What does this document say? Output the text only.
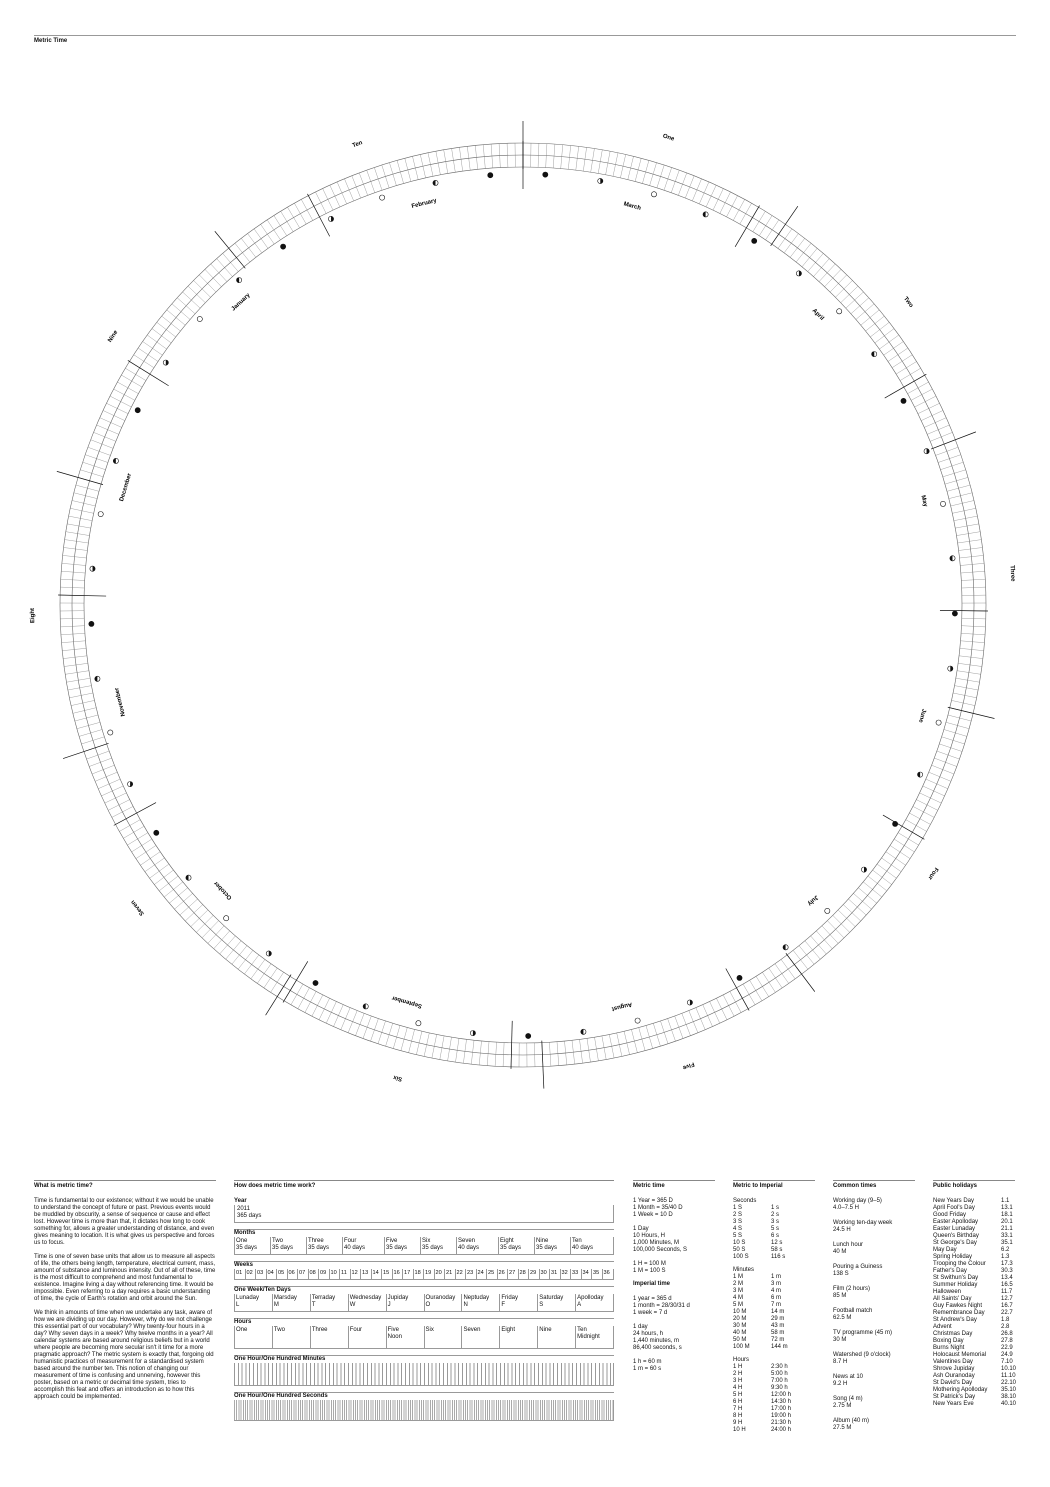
Metric Time
One
Two
Three
Four
Five
Six
Seven
Eight
Nine
Ten
March
April
May
June
July
August
September
October
November
December
January
February
What is metric time?

Time is fundamental to our existence; without it we would be unable to understand the concept of future or past. Previous events would be muddled by obscurity, a sense of sequence or cause and effect lost. However time is more than that, it dictates how long to cook something for, allows a greater understanding of distance, and even gives meaning to location. It is what gives us perspective and forces us to focus.

Time is one of seven base units that allow us to measure all aspects of life, the others being length, temperature, electrical current, mass, amount of substance and luminous intensity. Out of all of these, time is the most difficult to comprehend and most fundamental to existence. Imagine living a day without referencing time. It would be impossible. Even referring to a day requires a basic understanding of time, the cycle of Earth's rotation and orbit around the Sun.

We think in amounts of time when we undertake any task, aware of how we are dividing up our day. However, why do we not challenge this essential part of our vocabulary? Why twenty-four hours in a day? Why seven days in a week? Why twelve months in a year? All calendar systems are based around religious beliefs but in a world where people are becoming more secular isn't it time for a more pragmatic approach? The metric system is exactly that, forgoing old humanistic practices of measurement for a standardised system based around the number ten. This notion of changing our measurement of time is confusing and unnerving, however this poster, based on a metric or decimal time system, tries to accomplish this feat and offers an introduction as to how this approach could be implemented.

How does metric time work?
Year
2011
365 days
Months
One
35 days
Two
35 days
Three
35 days
Four
40 days
Five
35 days
Six
35 days
Seven
40 days
Eight
35 days
Nine
35 days
Ten
40 days
Weeks
01 02 03 04 05 06 07 08 09 10 11 12 13 14 15 16 17 18 19 20 21 22 23 24 25 26 27 28 29 30 31 32 33 34 35 36
One Week/Ten Days
Lunaday
L
Marsday
M
Terraday
T
Wednesday
W
Jupiday
J
Ouranoday
O
Neptuday
N
Friday
F
Saturday
S
Apolloday
A
Hours
One	Two	Three	Four	Five
Noon
Six	Seven	Eight	Nine	Ten
Midnight
One Hour/One Hundred Minutes
One Hour/One Hundred Seconds
Metric time
1 Year = 365 D
1 Month = 35/40 D
1 Week = 10 D
1 Day
10 Hours, H
1,000 Minutes, M
100,000 Seconds, S
1 H = 100 M
1 M = 100 S
Imperial time
1 year = 365 d
1 month = 28/30/31 d
1 week = 7 d
1 day
24 hours, h
1,440 minutes, m
86,400 seconds, s
1 h = 60 m
1 m = 60 s
Metric to Imperial
Seconds
1 S	1 s
2 S	2 s
3 S	3 s
4 S	5 s
5 S	6 s
10 S	12 s
50 S	58 s
100 S	116 s
Minutes
1 M	1 m
2 M	3 m
3 M	4 m
4 M	6 m
5 M	7 m
10 M	14 m
20 M	29 m
30 M	43 m
40 M	58 m
50 M	72 m
100 M	144 m
Hours
1 H	2:30 h
2 H	5:00 h
3 H	7:00 h
4 H	9:30 h
5 H	12:00 h
6 H	14:30 h
7 H	17:00 h
8 H	19:00 h
9 H	21:30 h
10 H	24:00 h
Common times
Working day (9–5)
4.0–7.5 H
Working ten-day week
24.5 H
Lunch hour
40 M
Pouring a Guiness
138 S
Film (2 hours)
85 M
Football match
62.5 M
TV programme (45 m)
30 M
Watershed (9 o'clock)
8.7 H
News at 10
9.2 H
Song (4 m)
2.75 M
Album (40 m)
27.5 M
Public holidays
New Years Day	1.1
April Fool's Day	13.1
Good Friday	18.1
Easter Apolloday	20.1
Easter Lunaday	21.1
Queen's Birthday	33.1
St George's Day	35.1
May Day	6.2
Spring Holiday	1.3
Trooping the Colour	17.3
Father's Day	30.3
St Swithun's Day	13.4
Summer Holiday	16.5
Halloween	11.7
All Saints' Day	12.7
Guy Fawkes Night	16.7
Remembrance Day	22.7
St Andrew's Day	1.8
Advent	2.8
Christmas Day	26.8
Boxing Day	27.8
Burns Night	22.9
Holocaust Memorial	24.9
Valentines Day	7.10
Shrove Jupiday	10.10
Ash Ouranoday	11.10
St David's Day	22.10
Mothering Apolloday	35.10
St Patrick's Day	38.10
New Years Eve	40.10
